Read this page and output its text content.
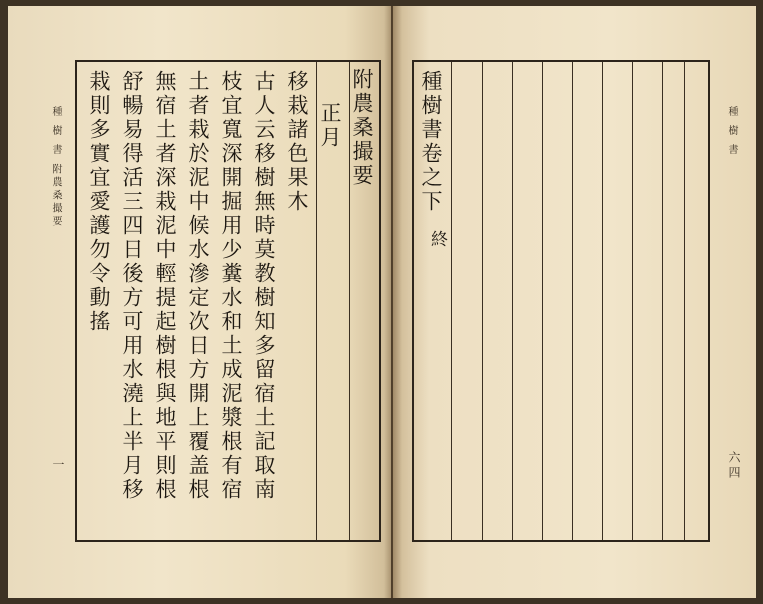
種 樹 書 附農桑撮要
一
種 樹 書
六四
附農桑撮要
正月
移栽諸色果木
古人云移樹無時莫教樹知多留宿土記取南
枝宜寬深開掘用少糞水和土成泥漿根有宿
土者栽於泥中候水滲定次日方開上覆盖根
無宿土者深栽泥中輕提起樹根與地平則根
舒暢易得活三四日後方可用水澆上半月移
栽則多實宜愛護勿令動搖	種樹書卷之下
終
